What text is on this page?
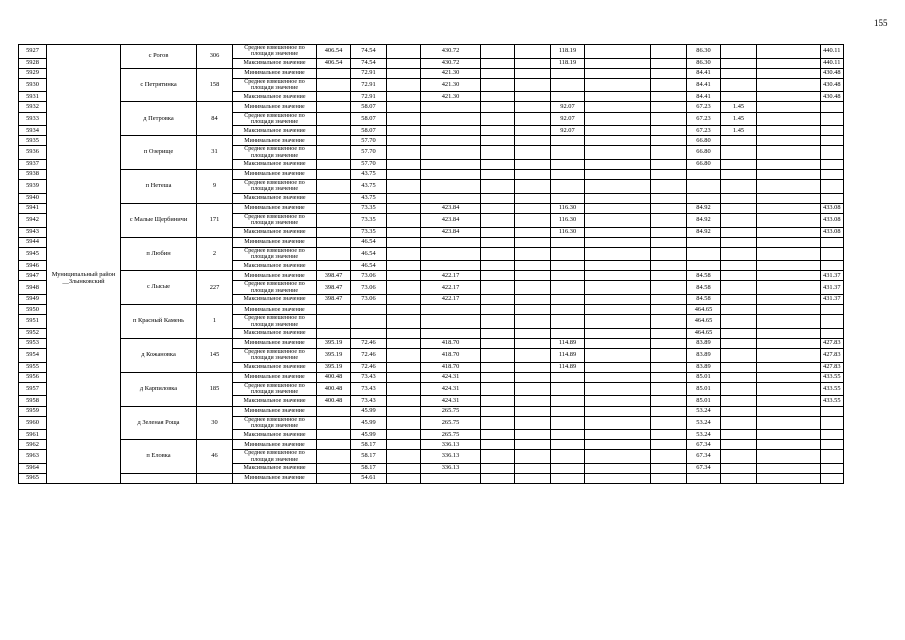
155
5927	Муниципальный район __Злынковский	с Рогов	306	Среднее взвешенное по площади значение	406.54	74.54		430.72			118.19			86.30			440.11
5928				Максимальное значение	406.54	74.54		430.72			118.19			86.30			440.11
5929		с Петрятинка	158	Минимальное значение		72.91		421.30						84.41			430.48
5930				Среднее взвешенное по площади значение		72.91		421.30						84.41			430.48
5931				Максимальное значение		72.91		421.30						84.41			430.48
5932		д Петровка	84	Минимальное значение		58.07					92.07			67.23	1.45		
5933				Среднее взвешенное по площади значение		58.07					92.07			67.23	1.45		
5934				Максимальное значение		58.07					92.07			67.23	1.45		
5935		п Озерище	31	Минимальное значение		57.70								66.80			
5936				Среднее взвешенное по площади значение		57.70								66.80			
5937				Максимальное значение		57.70								66.80			
5938		п Нетеша	9	Минимальное значение		43.75											
5939				Среднее взвешенное по площади значение		43.75											
5940				Максимальное значение		43.75											
5941		с Малые Щербиничи	171	Минимальное значение		73.35		423.84			116.30			84.92			433.08
5942				Среднее взвешенное по площади значение		73.35		423.84			116.30			84.92			433.08
5943				Максимальное значение		73.35		423.84			116.30			84.92			433.08
5944		п Любин	2	Минимальное значение		46.54											
5945				Среднее взвешенное по площади значение		46.54											
5946				Максимальное значение		46.54											
5947		с Лысые	227	Минимальное значение	398.47	73.06		422.17						84.58			431.37
5948				Среднее взвешенное по площади значение	398.47	73.06		422.17						84.58			431.37
5949				Максимальное значение	398.47	73.06		422.17						84.58			431.37
5950		п Красный Камень	1	Минимальное значение										464.65			
5951				Среднее взвешенное по площади значение										464.65			
5952				Максимальное значение										464.65			
5953		д Кожановка	145	Минимальное значение	395.19	72.46		418.70			114.89			83.89			427.83
5954				Среднее взвешенное по площади значение	395.19	72.46		418.70			114.89			83.89			427.83
5955				Максимальное значение	395.19	72.46		418.70			114.89			83.89			427.83
5956		д Карпиловка	185	Минимальное значение	400.48	73.43		424.31						85.01			433.55
5957				Среднее взвешенное по площади значение	400.48	73.43		424.31						85.01			433.55
5958				Максимальное значение	400.48	73.43		424.31						85.01			433.55
5959		д Зеленая Роща	30	Минимальное значение		45.99		265.75						53.24			
5960				Среднее взвешенное по площади значение		45.99		265.75						53.24			
5961				Максимальное значение		45.99		265.75						53.24			
5962		п Еловка	46	Минимальное значение		58.17		336.13						67.34			
5963				Среднее взвешенное по площади значение		58.17		336.13						67.34			
5964				Максимальное значение		58.17		336.13						67.34			
5965				Минимальное значение		54.61											
